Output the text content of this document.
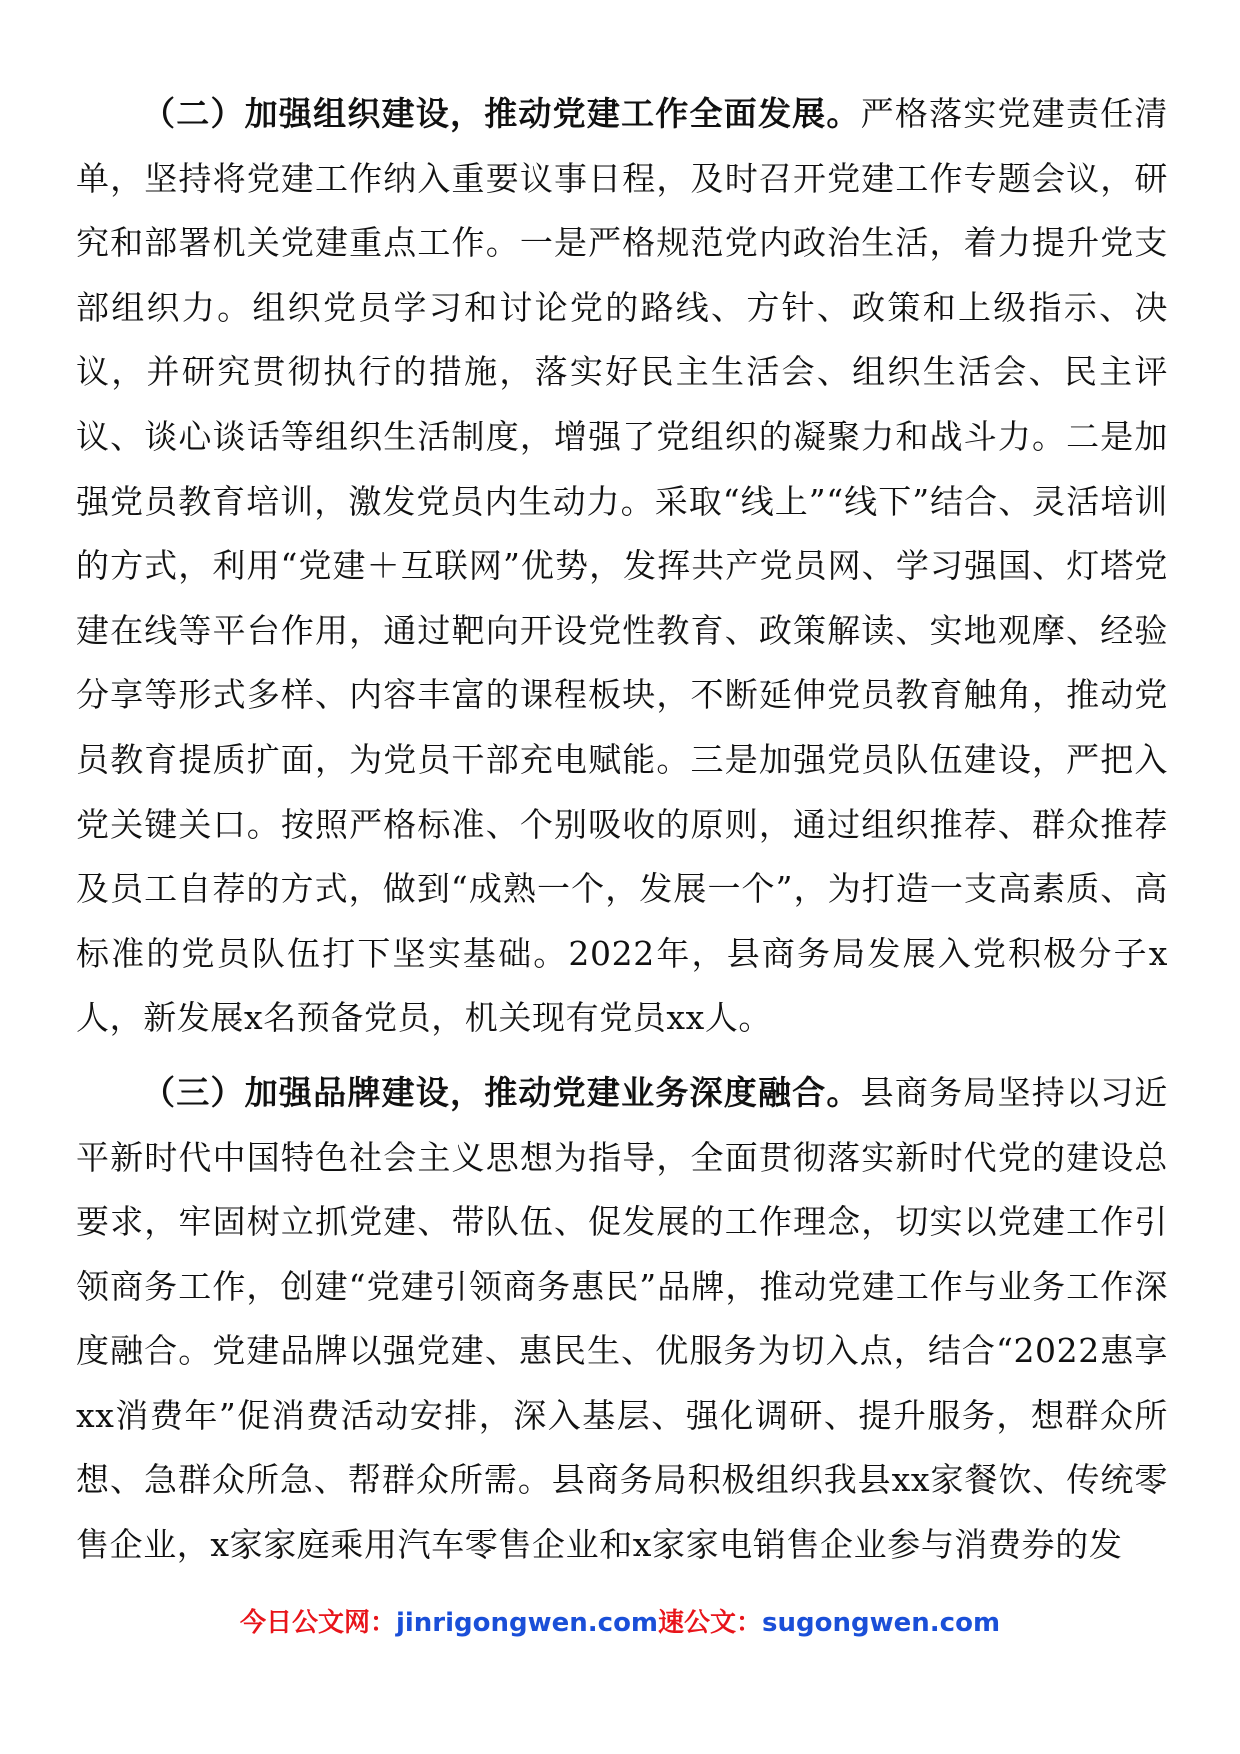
（二）加强组织建设，推动党建工作全面发展。严格落实党建责任清单，坚持将党建工作纳入重要议事日程，及时召开党建工作专题会议，研究和部署机关党建重点工作。一是严格规范党内政治生活，着力提升党支部组织力。组织党员学习和讨论党的路线、方针、政策和上级指示、决议，并研究贯彻执行的措施，落实好民主生活会、组织生活会、民主评议、谈心谈话等组织生活制度，增强了党组织的凝聚力和战斗力。二是加强党员教育培训，激发党员内生动力。采取“线上”“线下”结合、灵活培训的方式，利用“党建＋互联网”优势，发挥共产党员网、学习强国、灯塔党建在线等平台作用，通过靶向开设党性教育、政策解读、实地观摩、经验分享等形式多样、内容丰富的课程板块，不断延伸党员教育触角，推动党员教育提质扩面，为党员干部充电赋能。三是加强党员队伍建设，严把入党关键关口。按照严格标准、个别吸收的原则，通过组织推荐、群众推荐及员工自荐的方式，做到“成熟一个，发展一个”，为打造一支高素质、高标准的党员队伍打下坚实基础。2022年，县商务局发展入党积极分子x人，新发展x名预备党员，机关现有党员xx人。

（三）加强品牌建设，推动党建业务深度融合。县商务局坚持以习近平新时代中国特色社会主义思想为指导，全面贯彻落实新时代党的建设总要求，牢固树立抓党建、带队伍、促发展的工作理念，切实以党建工作引领商务工作，创建“党建引领商务惠民”品牌，推动党建工作与业务工作深度融合。党建品牌以强党建、惠民生、优服务为切入点，结合“2022惠享xx消费年”促消费活动安排，深入基层、强化调研、提升服务，想群众所想、急群众所急、帮群众所需。县商务局积极组织我县xx家餐饮、传统零售企业，x家家庭乘用汽车零售企业和x家家电销售企业参与消费券的发

今日公文网：jinrigongwen.com速公文：sugongwen.com
